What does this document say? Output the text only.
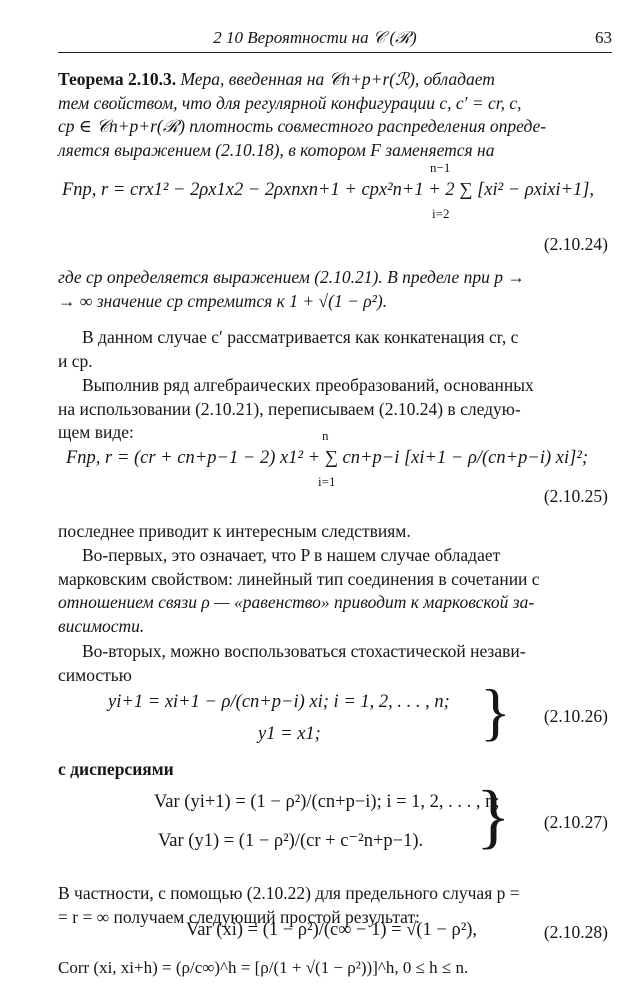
2 10 Вероятности на 𝒞 (ℛ)	63
Теорема 2.10.3. Мера, введенная на 𝒞n+p+r(ℛ), обладает
тем свойством, что для регулярной конфигурации c, c′ = cr, c,
cp ∈ 𝒞n+p+r(ℛ) плотность совместного распределения опреде-
ляется выражением (2.10.18), в котором F заменяется на
n−1
Fnp, r = crx1² − 2ρx1x2 − 2ρxnxn+1 + cpx²n+1 + 2 ∑ [xi² − ρxixi+1],
i=2
(2.10.24)
где cp определяется выражением (2.10.21). В пределе при p →
→ ∞ значение cp стремится к 1 + √(1 − ρ²).
В данном случае c′ рассматривается как конкатенация cr, c
и cp.
Выполнив ряд алгебраических преобразований, основанных
на использовании (2.10.21), переписываем (2.10.24) в следую-
щем виде:	n
Fnp, r = (cr + cn+p−1 − 2) x1² + ∑ cn+p−i [xi+1 − ρ/(cn+p−i) xi]²;
i=1
(2.10.25)
последнее приводит к интересным следствиям.
Во-первых, это означает, что P в нашем случае обладает
марковским свойством: линейный тип соединения в сочетании с
отношением связи ρ — «равенство» приводит к марковской за-
висимости.
Во-вторых, можно воспользоваться стохастической незави-
симостью
yi+1 = xi+1 − ρ/(cn+p−i) xi; i = 1, 2, . . . , n;
y1 = x1; } (2.10.26)
с дисперсиями
Var (yi+1) = (1 − ρ²)/(cn+p−i); i = 1, 2, . . . , n;
Var (y1) = (1 − ρ²)/(cr + c⁻²n+p−1). } (2.10.27)
В частности, с помощью (2.10.22) для предельного случая p =
= r = ∞ получаем следующий простой результат:
Var (xi) = (1 − ρ²)/(c∞ − 1) = √(1 − ρ²),
Corr (xi, xi+h) = (ρ/c∞)^h = [ρ/(1 + √(1 − ρ²))]^h, 0 ≤ h ≤ n.
(2.10.28)
